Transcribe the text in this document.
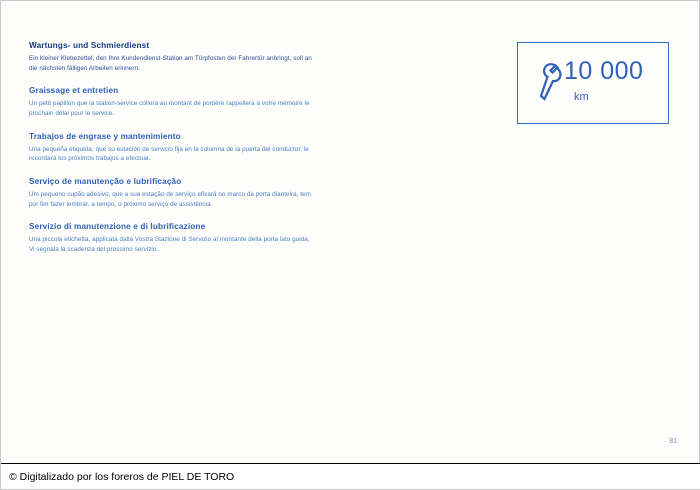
Wartungs- und Schmierdienst
Ein kleiner Klebezettel, den Ihre Kundendienst-Station am Türpfosten der Fahrertür anbringt, soll an
die nächsten fälligen Arbeiten erinnern.
Graissage et entretien
Un petit papillon que la station-service collera au montant de portière rappellera à votre mémoire le
prochain délai pour le service.
Trabajos de engrase y mantenimiento
Una pequeña etiqueta, que su estación de servicio fija en la columna de la puerta del conductor, le
recordará los próximos trabajos a efectuar.
Serviço de manutenção e lubrificação
Um pequeno cupão adesivo, que a sua estação de serviço afixará no marco da porta dianteira, tem
por fim fazer lembrar, a tempo, o próximo serviço de assistência.
Servizio di manutenzione e di lubrificazione
Una piccola etichetta, applicata dalla Vostra Stazione di Servizio al montante della porta lato guida,
Vi segnala la scadenza del prossimo servizio.
10 000
km
81
© Digitalizado por los foreros de PIEL DE TORO
